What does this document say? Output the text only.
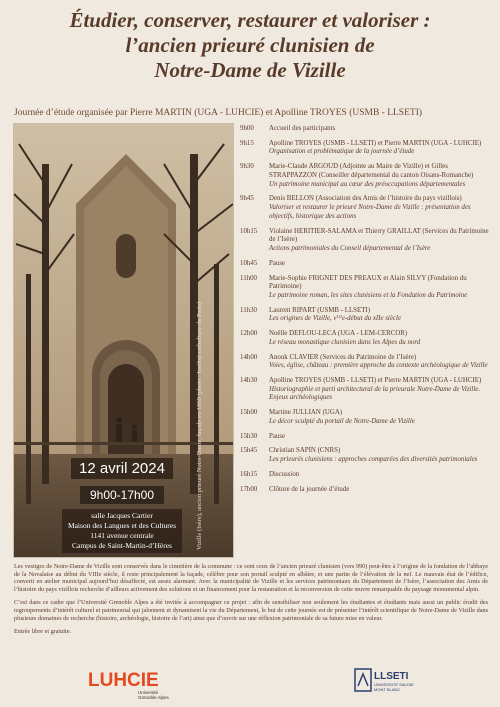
Étudier, conserver, restaurer et valoriser :
l’ancien prieuré clunisien de
Notre-Dame de Vizille
Journée d’étude organisée par Pierre MARTIN (UGA - LUHCIE) et Apolline TROYES (USMB - LLSETI)
Vizille (Isère), ancien prieuré Notre-Dame, façade en 1869 (photo : Institut catholique de Paris)
12 avril 2024
9h00-17h00

salle Jacques Cartier
Maison des Langues et des Cultures
1141 avenue centrale
Campus de Saint-Martin-d’Hères
9h00 Accueil des participants
9h15 Apolline TROYES (USMB - LLSETI) et Pierre MARTIN (UGA - LUHCIE)
Organisation et problématique de la journée d’étude
9h30 Marie-Claude ARGOUD (Adjointe au Maire de Vizille) et Gilles STRAPPAZZON (Conseiller départemental du canton Oisans-Romanche)
Un patrimoine municipal au cœur des préoccupations départementales
9h45 Denis BELLON (Association des Amis de l’histoire du pays vizillois)
Valoriser et restaurer le prieuré Notre-Dame de Vizille : présentation des objectifs, historique des actions
10h15 Violaine HERITIER-SALAMA et Thierry GRAILLAT (Services du Patrimoine de l’Isère)
Actions patrimoniales du Conseil départemental de l’Isère
10h45 Pause
11h00 Marie-Sophie FRIGNET DES PREAUX et Alain SILVY (Fondation du Patrimoine)
Le patrimoine roman, les sites clunisiens et la Fondation du Patrimoine
11h30 Laurent RIPART (USMB - LLSETI)
Les origines de Vizille, vᴵᴵᴵe-début du xIIe siècle
12h00 Noëlle DEFLOU-LECA (UGA - LEM-CERCOR)
Le réseau monastique clunisien dans les Alpes du nord
14h00 Anouk CLAVIER (Services du Patrimoine de l’Isère)
Voies, église, château : première approche du contexte archéologique de Vizille
14h30 Apolline TROYES (USMB - LLSETI) et Pierre MARTIN (UGA - LUHCIE)
Historiographie et parti architectural de la prieurale Notre-Dame de Vizille. Enjeux archéologiques
15h00 Martine JULLIAN (UGA)
Le décor sculpté du portail de Notre-Dame de Vizille
15h30 Pause
15h45 Christian SAPIN (CNRS)
Les prieurés clunisiens : approches comparées des diversités patrimoniales
16h15 Discussion
17h00 Clôture de la journée d’étude

Les vestiges de Notre-Dame de Vizille sont conservés dans le cimetière de la commune : ce sont ceux de l’ancien prieuré clunisien (vers 990) peut-être à l’origine de la fondation de l’abbaye de la Novalaise au début du VIIIe siècle, il reste principalement la façade, célèbre pour son portail sculpté en albâtre, et une partie de l’élévation de la nef. Le mauvais état de l’édifice, converti en atelier municipal aujourd’hui désaffecté, est assez alarmant. Avec la municipalité de Vizille et les services patrimoniaux du Département de l’Isère, l’association des Amis de l’histoire du pays vizillois recherche d’ailleurs activement des solutions et un financement pour la restauration et la reconversion de cette œuvre remarquable du paysage monumental alpin.

C’est dans ce cadre que l’Université Grenoble Alpes a été invitée à accompagner ce projet : afin de sensibiliser non seulement les étudiantes et étudiants mais aussi un public érudit des regroupements d’intérêt culturel et patrimonial qui jalonnent et dynamisent la vie du Département, le but de cette journée est de présenter l’intérêt scientifique de Notre-Dame de Vizille dans plusieurs domaines de recherche (histoire, archéologie, histoire de l’art) ainsi que d’ouvrir sur une réflexion patrimoniale de sa future mise en valeur.

Entrée libre et gratuite.

LUHCIE
Université
Grenoble Alpes
LLSETI
UNIVERSITÉ SAVOIE
MONT BLANC
